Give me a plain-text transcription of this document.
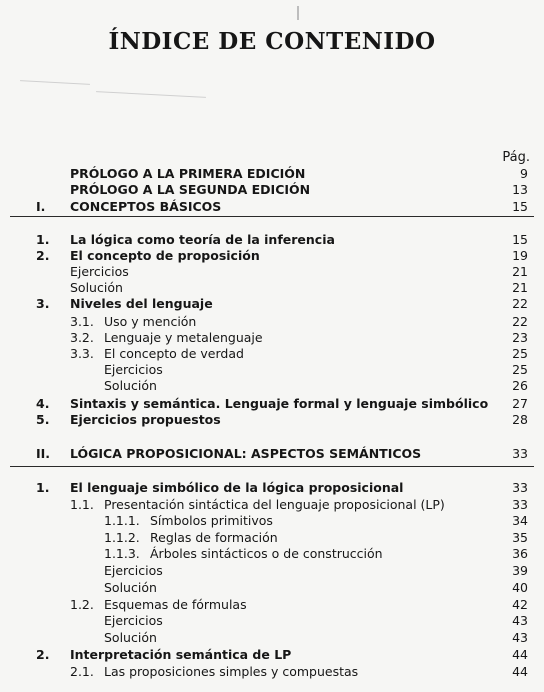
ÍNDICE DE CONTENIDO
Pág.
PRÓLOGO A LA PRIMERA EDICIÓN	9
PRÓLOGO A LA SEGUNDA EDICIÓN	13
I. CONCEPTOS BÁSICOS	15
1. La lógica como teoría de la inferencia	15
2. El concepto de proposición	19
Ejercicios	21
Solución	21
3. Niveles del lenguaje	22
3.1. Uso y mención	22
3.2. Lenguaje y metalenguaje	23
3.3. El concepto de verdad	25
Ejercicios	25
Solución	26
4. Sintaxis y semántica. Lenguaje formal y lenguaje simbólico 27
5. Ejercicios propuestos	28
II. LÓGICA PROPOSICIONAL: ASPECTOS SEMÁNTICOS	33
1. El lenguaje simbólico de la lógica proposicional	33
1.1. Presentación sintáctica del lenguaje proposicional (LP)	33
1.1.1. Símbolos primitivos	34
1.1.2. Reglas de formación	35
1.1.3. Árboles sintácticos o de construcción	36
Ejercicios	39
Solución	40
1.2. Esquemas de fórmulas	42
Ejercicios	43
Solución	43
2. Interpretación semántica de LP	44
2.1. Las proposiciones simples y compuestas	44
